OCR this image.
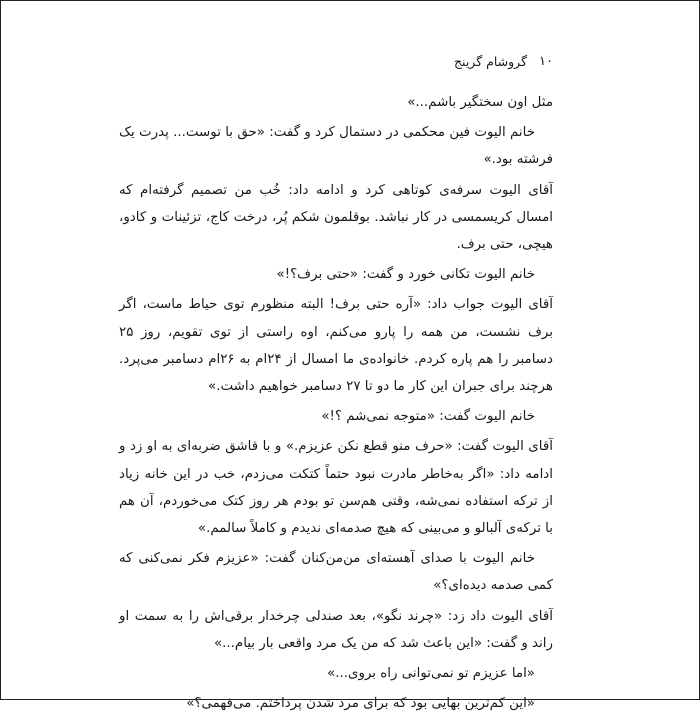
۱۰
گروشام گرینج

مثل اون سختگیر باشم...»

خانم الیوت فین محکمی در دستمال کرد و گفت: «حق با توست... پدرت یک فرشته بود.»

آقای الیوت سرفه‌ی کوتاهی کرد و ادامه داد: خُب من تصمیم گرفته‌ام که امسال کریسمسی در کار نباشد. بوقلمون شکم پُر، درخت کاج، تزئینات و کادو، هیچی، حتی برف.

خانم الیوت تکانی خورد و گفت: «حتی برف؟!»

آقای الیوت جواب داد: «آره حتی برف! البته منظورم توی حیاط ماست، اگر برف نشست، من همه را پارو می‌کنم، اوه راستی از توی تقویم، روز ۲۵ دسامبر را هم پاره کردم. خانواده‌ی ما امسال از ۲۴ام به ۲۶ام دسامبر می‌پرد. هرچند برای جبران این کار ما دو تا ۲۷ دسامبر خواهیم داشت.»

خانم الیوت گفت: «متوجه نمی‌شم ؟!»

آقای الیوت گفت: «حرف منو قطع نکن عزیزم.» و با قاشق ضربه‌ای به او زد و ادامه داد: «اگر به‌خاطر مادرت نبود حتماً کتکت می‌زدم، خب در این خانه زیاد از ترکه استفاده نمی‌شه، وقتی هم‌سن تو بودم هر روز کتک می‌خوردم، آن هم با ترکه‌ی آلبالو و می‌بینی که هیچ صدمه‌ای ندیدم و کاملاً سالمم.»

خانم الیوت با صدای آهسته‌ای من‌من‌کنان گفت: «عزیزم فکر نمی‌کنی که کمی صدمه دیده‌ای؟»

آقای الیوت داد زد: «چرند نگو»، بعد صندلی چرخدار برقی‌اش را به سمت او راند و گفت: «این باعث شد که من یک مرد واقعی بار بیام...»

«اما عزیزم تو نمی‌توانی راه بروی...»

«این کم‌ترین بهایی بود که برای مرد شدن پرداختم. می‌فهمی؟»
